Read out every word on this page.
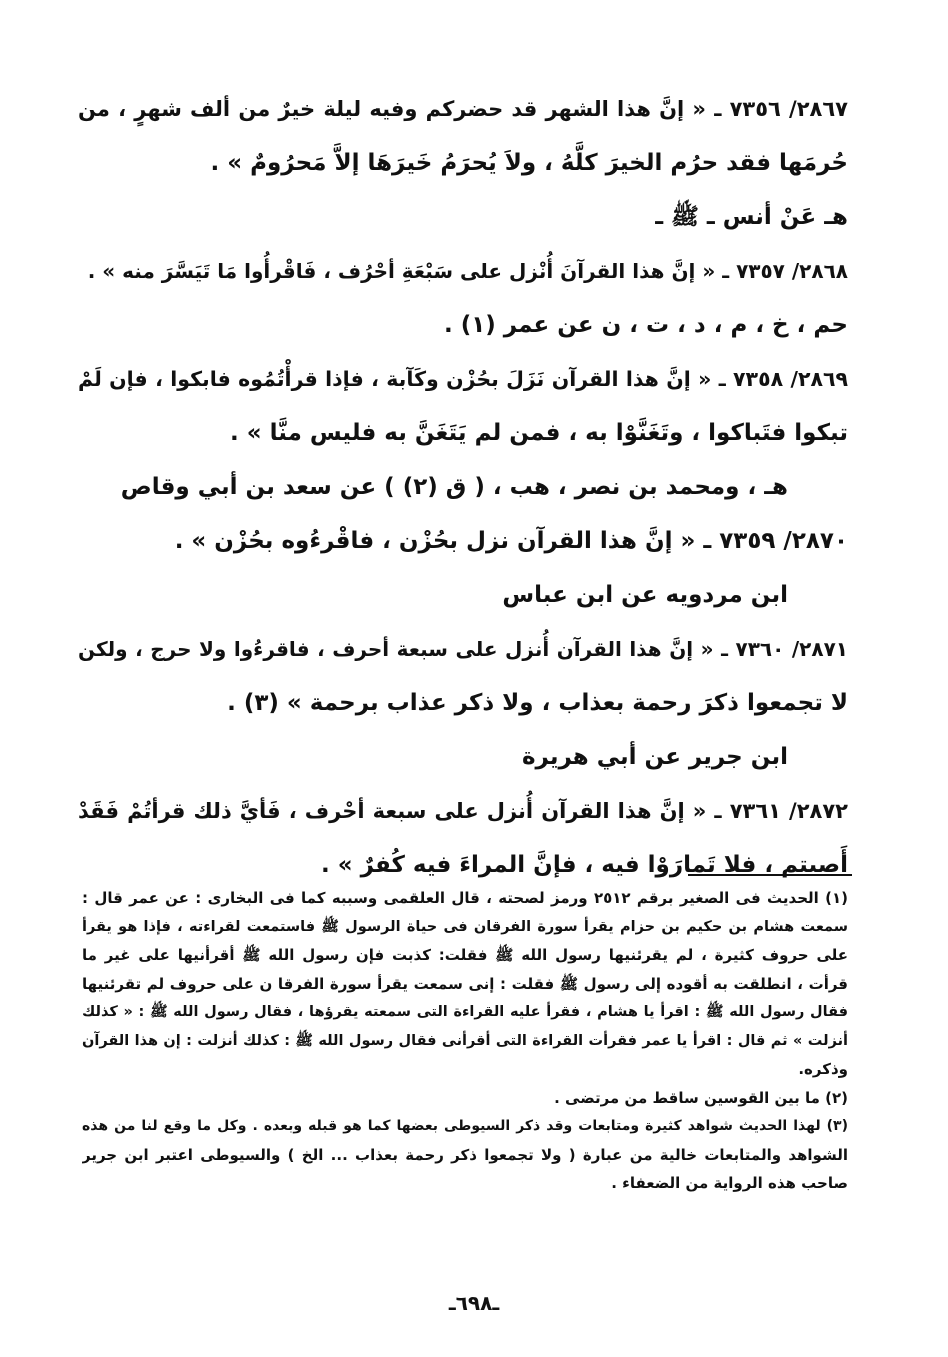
٢٨٦٧/ ٧٣٥٦ ـ « إنَّ هذا الشهر قد حضركم وفيه ليلة خيرٌ من ألف شهرٍ ، من
حُرمَها فقد حرُم الخيرَ كلَّهُ ، ولاَ يُحرَمُ خَيرَهَا إلاَّ مَحرُومٌ » .
هـ عَنْ أنس ـ ﷺ ـ
٢٨٦٨/ ٧٣٥٧ ـ « إنَّ هذا القرآنَ أُنْزل على سَبْعَةِ أحْرُف ، فَاقْرأُوا مَا تَيَسَّرَ منه » .
حم ، خ ، م ، د ، ت ، ن عن عمر (١) .
٢٨٦٩/ ٧٣٥٨ ـ « إنَّ هذا القرآن نَزَلَ بحُزْن وكَآبة ، فإذا قرأْتُمُوه فابكوا ، فإن لَمْ
تبكوا فتَباكوا ، وتَغَنَّوْا به ، فمن لم يَتَغَنَّ به فليس منَّا » .
هـ ، ومحمد بن نصر ، هب ، ( ق (٢) ) عن سعد بن أبي وقاص
٢٨٧٠/ ٧٣٥٩ ـ « إنَّ هذا القرآن نزل بحُزْن ، فاقْرءُوه بحُزْن » .
ابن مردويه عن ابن عباس
٢٨٧١/ ٧٣٦٠ ـ « إنَّ هذا القرآن أُنزل على سبعة أحرف ، فاقرءُوا ولا حرج ، ولكن
لا تجمعوا ذكرَ رحمة بعذاب ، ولا ذكر عذاب برحمة » (٣) .
ابن جرير عن أبي هريرة
٢٨٧٢/ ٧٣٦١ ـ « إنَّ هذا القرآن أُنزل على سبعة أحْرف ، فَأيَّ ذلك قرأتُمْ فَقَدْ
أَصبتم ، فلا تَمارَوْا فيه ، فإنَّ المراءَ فيه كُفرٌ » .
(١) الحديث فى الصغير برقم ٢٥١٢ ورمز لصحته ، قال العلقمى وسببه كما فى البخارى : عن عمر قال :
سمعت هشام بن حكيم بن حزام يقرأ سورة الفرقان فى حياة الرسول ﷺ فاستمعت لقراءته ، فإذا هو يقرأ
على حروف كثيرة ، لم يقرئنيها رسول الله ﷺ فقلت: كذبت فإن رسول الله ﷺ أقرأنيها على غير ما
قرأت ، انطلقت به أقوده إلى رسول ﷺ فقلت : إنى سمعت يقرأ سورة الفرقا ن على حروف لم تقرئنيها
فقال رسول الله ﷺ : اقرأ يا هشام ، فقرأ عليه القراءة التى سمعته يقرؤها ، فقال رسول الله ﷺ : « كذلك
أنزلت » ثم قال : اقرأ يا عمر فقرأت القراءة التى أقرأنى فقال رسول الله ﷺ : كذلك أنزلت : إن هذا القرآن
وذكره.
(٢) ما بين القوسين ساقط من مرتضى .
(٣) لهذا الحديث شواهد كثيرة ومتابعات وقد ذكر السيوطى بعضها كما هو قبله وبعده . وكل ما وقع لنا من هذه
الشواهد والمتابعات خالية من عبارة ( ولا تجمعوا ذكر رحمة بعذاب ... الخ ) والسيوطى اعتبر ابن جرير
صاحب هذه الرواية من الضعفاء .
ـ٦٩٨ـ
